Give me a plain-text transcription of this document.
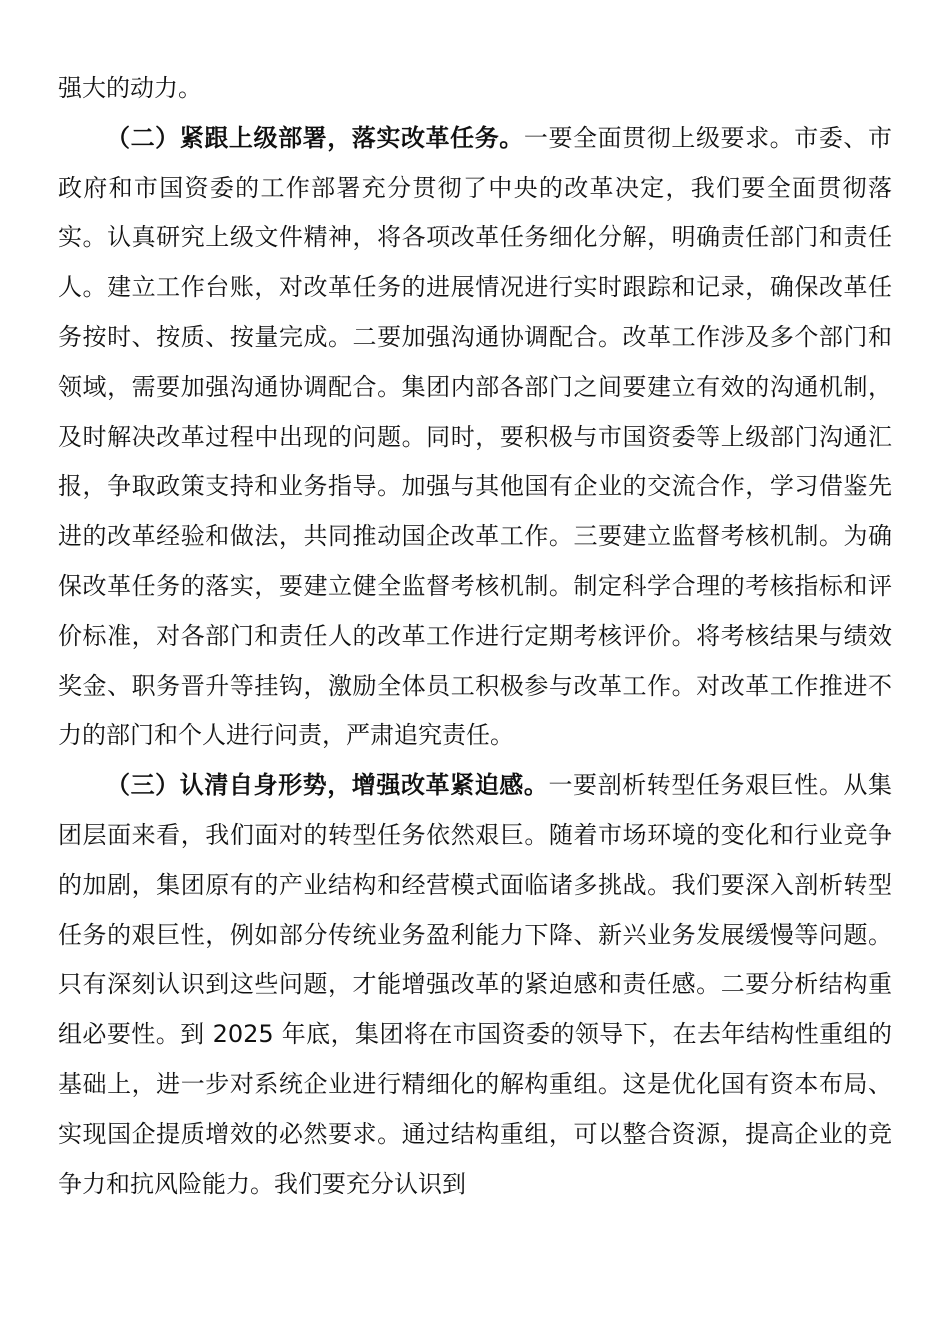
强大的动力。

（二）紧跟上级部署，落实改革任务。一要全面贯彻上级要求。市委、市政府和市国资委的工作部署充分贯彻了中央的改革决定，我们要全面贯彻落实。认真研究上级文件精神，将各项改革任务细化分解，明确责任部门和责任人。建立工作台账，对改革任务的进展情况进行实时跟踪和记录，确保改革任务按时、按质、按量完成。二要加强沟通协调配合。改革工作涉及多个部门和领域，需要加强沟通协调配合。集团内部各部门之间要建立有效的沟通机制，及时解决改革过程中出现的问题。同时，要积极与市国资委等上级部门沟通汇报，争取政策支持和业务指导。加强与其他国有企业的交流合作，学习借鉴先进的改革经验和做法，共同推动国企改革工作。三要建立监督考核机制。为确保改革任务的落实，要建立健全监督考核机制。制定科学合理的考核指标和评价标准，对各部门和责任人的改革工作进行定期考核评价。将考核结果与绩效奖金、职务晋升等挂钩，激励全体员工积极参与改革工作。对改革工作推进不力的部门和个人进行问责，严肃追究责任。

（三）认清自身形势，增强改革紧迫感。一要剖析转型任务艰巨性。从集团层面来看，我们面对的转型任务依然艰巨。随着市场环境的变化和行业竞争的加剧，集团原有的产业结构和经营模式面临诸多挑战。我们要深入剖析转型任务的艰巨性，例如部分传统业务盈利能力下降、新兴业务发展缓慢等问题。只有深刻认识到这些问题，才能增强改革的紧迫感和责任感。二要分析结构重组必要性。到 2025 年底，集团将在市国资委的领导下，在去年结构性重组的基础上，进一步对系统企业进行精细化的解构重组。这是优化国有资本布局、实现国企提质增效的必然要求。通过结构重组，可以整合资源，提高企业的竞争力和抗风险能力。我们要充分认识到
